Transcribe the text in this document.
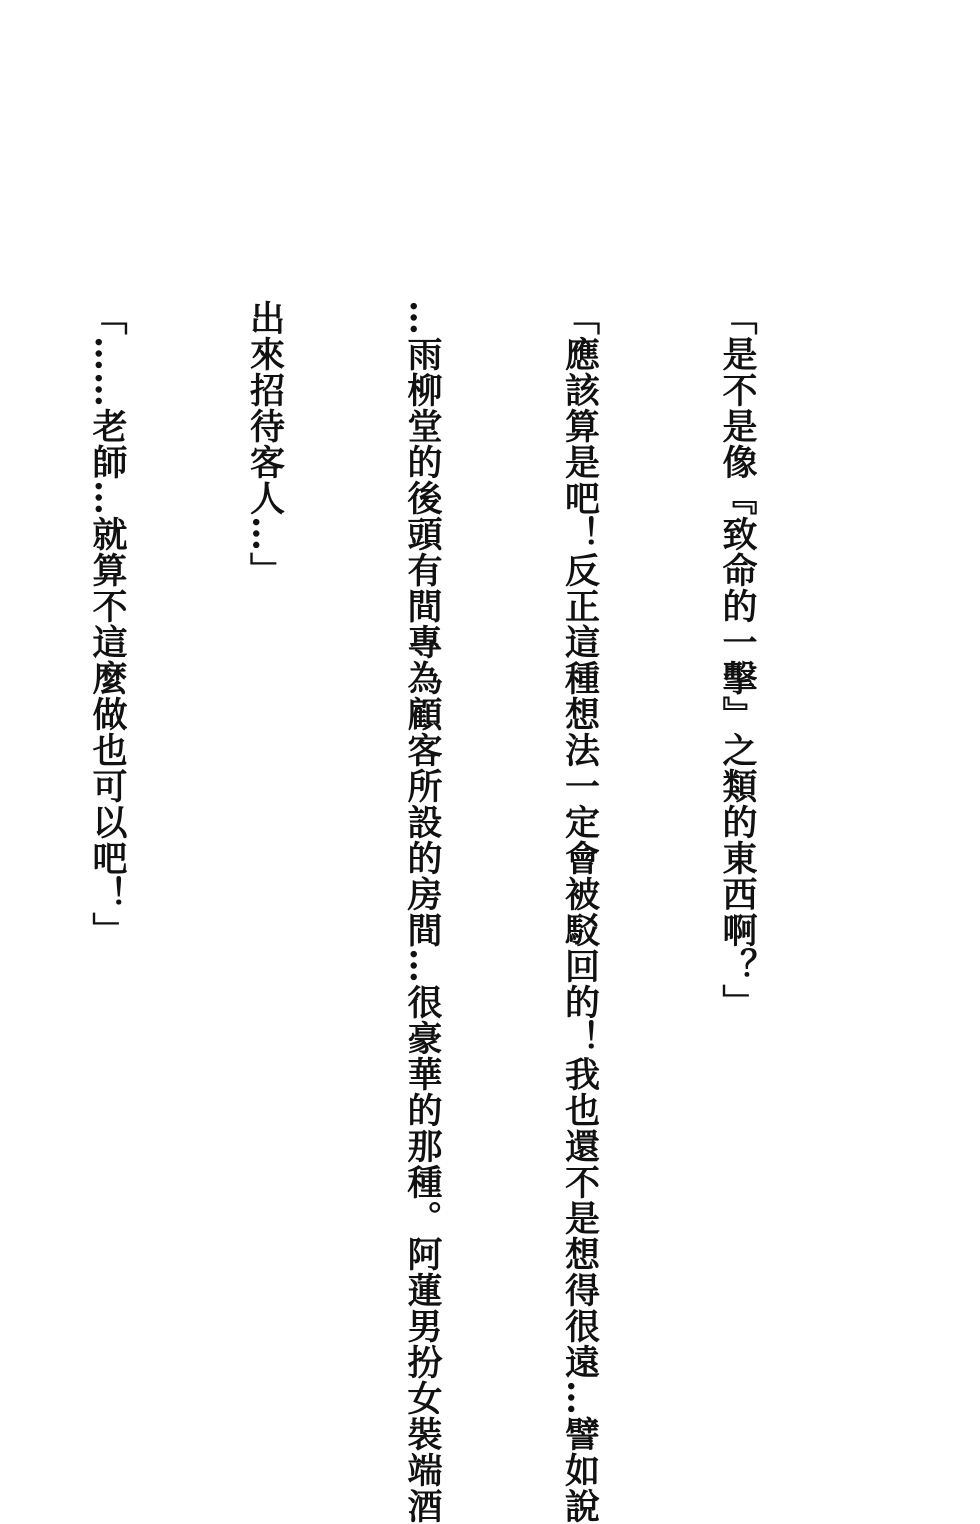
「是不是像『致命的一擊』之類的東西啊？」

「應該算是吧！反正這種想法一定會被駁回的！我也還不是想得很遠…譬如說

…雨柳堂的後頭有間專為顧客所設的房間…很豪華的那種。阿蓮男扮女裝端酒

出來招待客人…」

「……老師…就算不這麼做也可以吧！」
